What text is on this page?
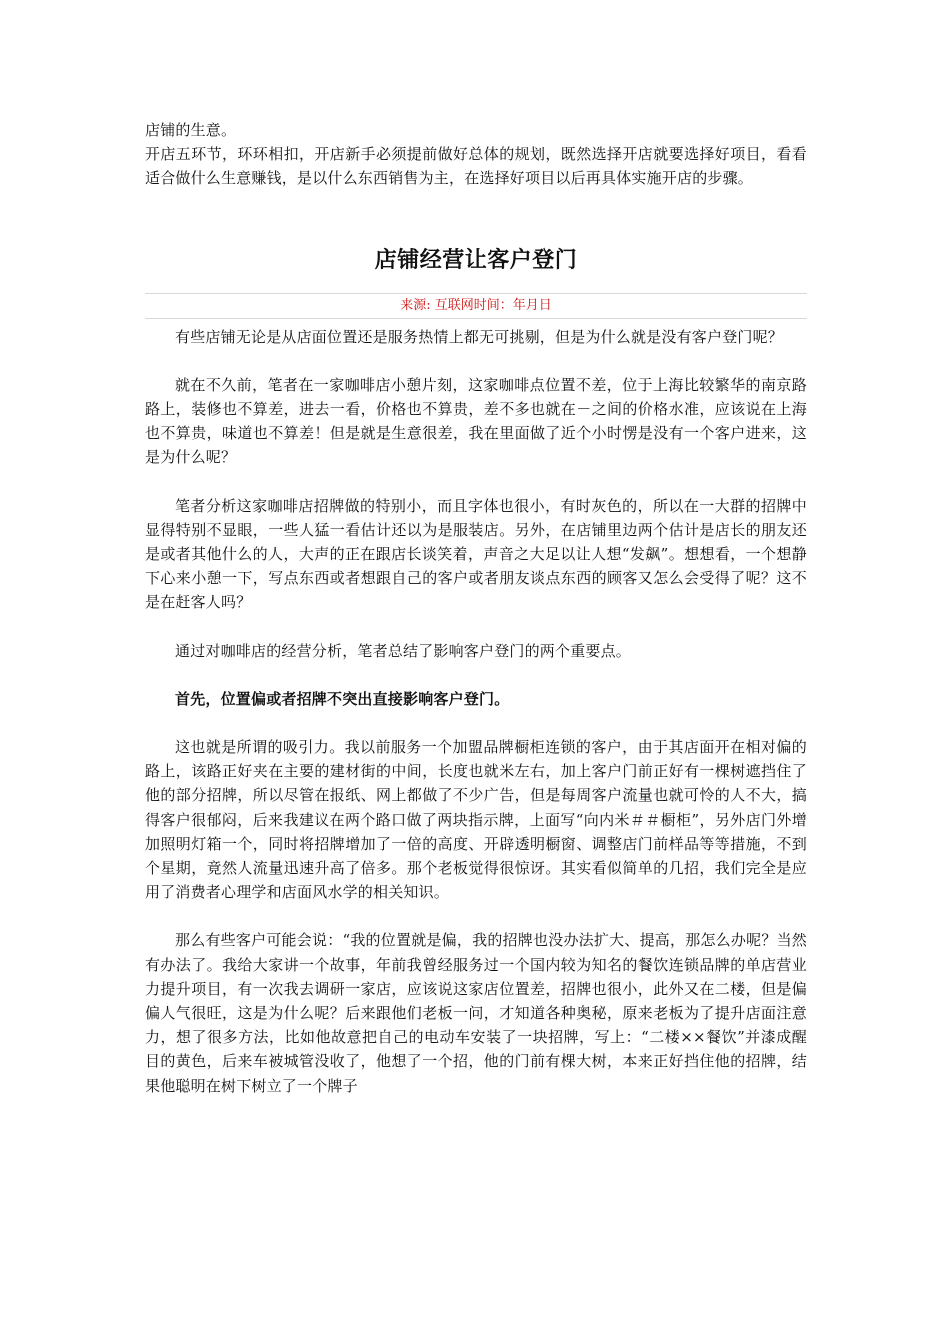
店铺的生意。

开店五环节，环环相扣，开店新手必须提前做好总体的规划，既然选择开店就要选择好项目，看看适合做什么生意赚钱，是以什么东西销售为主，在选择好项目以后再具体实施开店的步骤。

店铺经营让客户登门
来源: 互联网时间：年月日

有些店铺无论是从店面位置还是服务热情上都无可挑剔，但是为什么就是没有客户登门呢？

就在不久前，笔者在一家咖啡店小憩片刻，这家咖啡点位置不差，位于上海比较繁华的南京路路上，装修也不算差，进去一看，价格也不算贵，差不多也就在－之间的价格水准，应该说在上海也不算贵，味道也不算差！但是就是生意很差，我在里面做了近个小时愣是没有一个客户进来，这是为什么呢？

笔者分析这家咖啡店招牌做的特别小，而且字体也很小，有时灰色的，所以在一大群的招牌中显得特别不显眼，一些人猛一看估计还以为是服装店。另外，在店铺里边两个估计是店长的朋友还是或者其他什么的人，大声的正在跟店长谈笑着，声音之大足以让人想“发飙”。想想看，一个想静下心来小憩一下，写点东西或者想跟自己的客户或者朋友谈点东西的顾客又怎么会受得了呢？这不是在赶客人吗？

通过对咖啡店的经营分析，笔者总结了影响客户登门的两个重要点。

首先，位置偏或者招牌不突出直接影响客户登门。

这也就是所谓的吸引力。我以前服务一个加盟品牌橱柜连锁的客户，由于其店面开在相对偏的路上，该路正好夹在主要的建材街的中间，长度也就米左右，加上客户门前正好有一棵树遮挡住了他的部分招牌，所以尽管在报纸、网上都做了不少广告，但是每周客户流量也就可怜的人不大，搞得客户很郁闷，后来我建议在两个路口做了两块指示牌，上面写“向内米＃＃橱柜”，另外店门外增加照明灯箱一个，同时将招牌增加了一倍的高度、开辟透明橱窗、调整店门前样品等等措施，不到个星期，竟然人流量迅速升高了倍多。那个老板觉得很惊讶。其实看似简单的几招，我们完全是应用了消费者心理学和店面风水学的相关知识。

那么有些客户可能会说：“我的位置就是偏，我的招牌也没办法扩大、提高，那怎么办呢？当然有办法了。我给大家讲一个故事，年前我曾经服务过一个国内较为知名的餐饮连锁品牌的单店营业力提升项目，有一次我去调研一家店，应该说这家店位置差，招牌也很小，此外又在二楼，但是偏偏人气很旺，这是为什么呢？后来跟他们老板一问，才知道各种奥秘，原来老板为了提升店面注意力，想了很多方法，比如他故意把自己的电动车安装了一块招牌，写上：“二楼××餐饮”并漆成醒目的黄色，后来车被城管没收了，他想了一个招，他的门前有棵大树，本来正好挡住他的招牌，结果他聪明在树下树立了一个牌子
